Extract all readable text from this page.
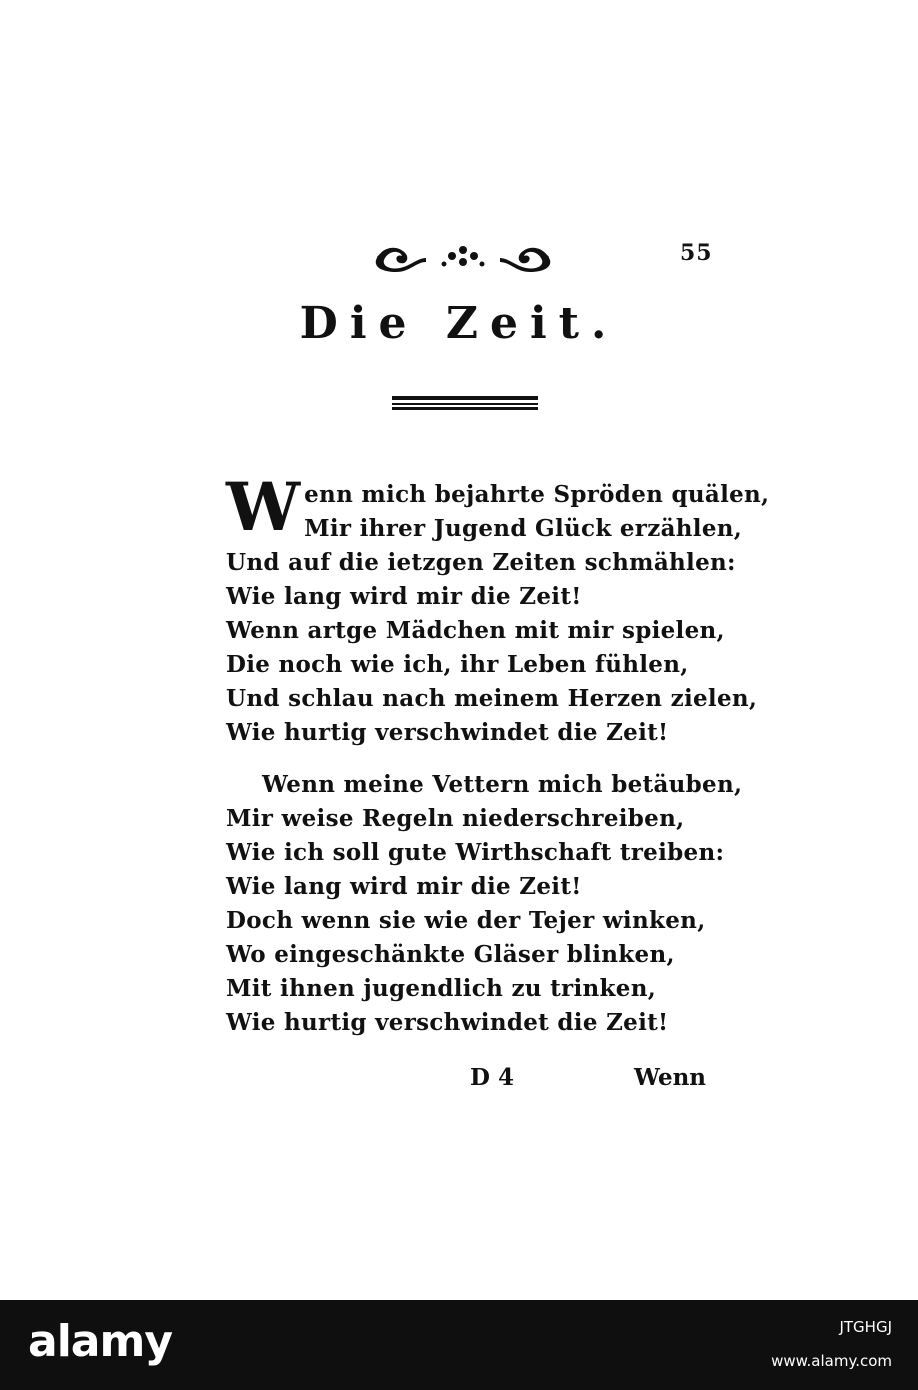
55
Die Zeit.
W enn mich bejahrte Spröden quälen,
Mir ihrer Jugend Glück erzählen,
Und auf die ietzgen Zeiten schmählen:
Wie lang wird mir die Zeit!
Wenn artge Mädchen mit mir spielen,
Die noch wie ich, ihr Leben fühlen,
Und schlau nach meinem Herzen zielen,
Wie hurtig verschwindet die Zeit!
Wenn meine Vettern mich betäuben,
Mir weise Regeln niederschreiben,
Wie ich soll gute Wirthschaft treiben:
Wie lang wird mir die Zeit!
Doch wenn sie wie der Tejer winken,
Wo eingeschänkte Gläser blinken,
Mit ihnen jugendlich zu trinken,
Wie hurtig verschwindet die Zeit!
D 4	Wenn
alamy	JTGHGJ
www.alamy.com
